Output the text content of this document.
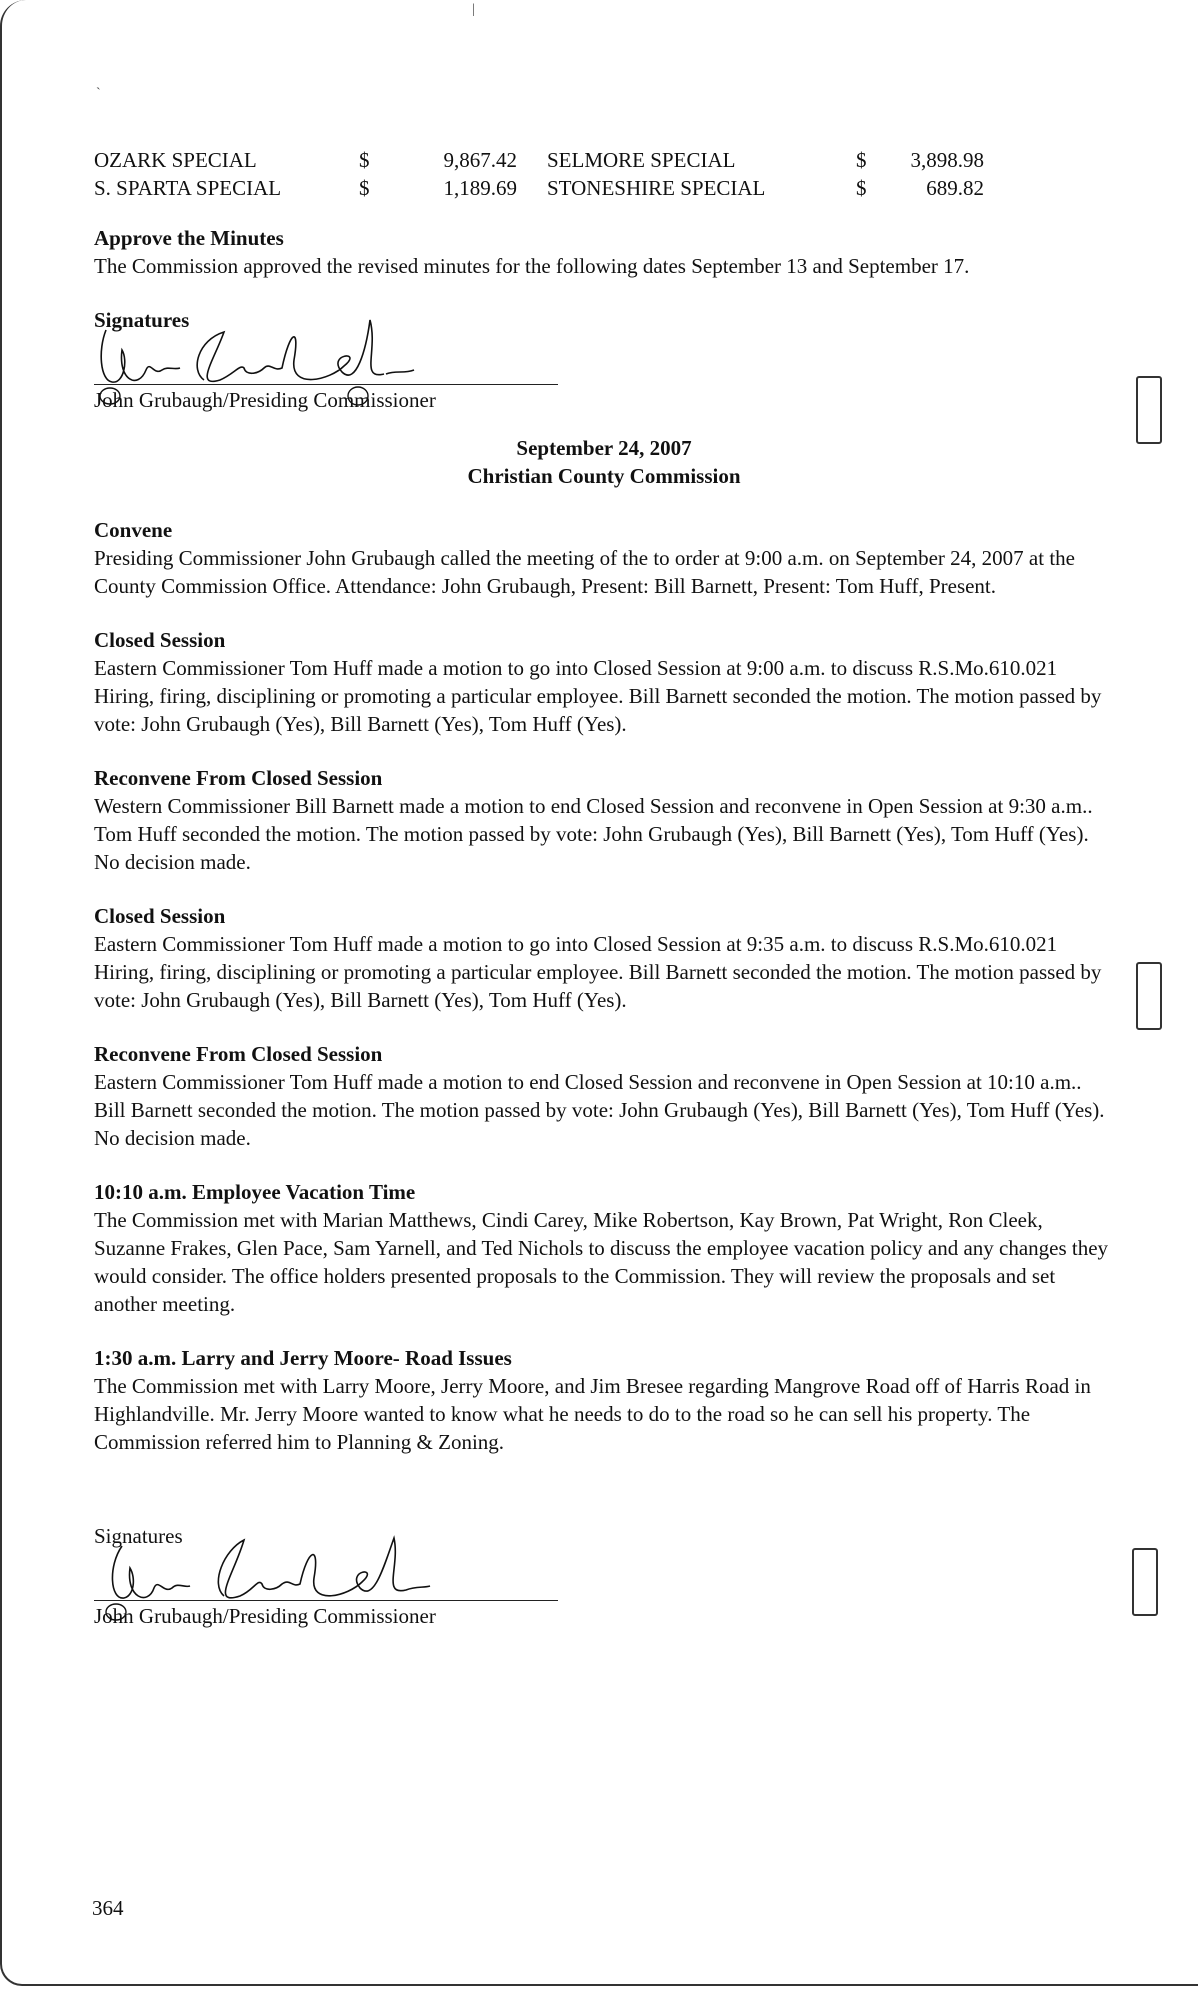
OZARK SPECIAL	$	9,867.42	SELMORE SPECIAL	$	3,898.98
S. SPARTA SPECIAL	$	1,189.69	STONESHIRE SPECIAL	$	689.82
Approve the Minutes

The Commission approved the revised minutes for the following dates September 13 and September 17.

Signatures
John Grubaugh/Presiding Commissioner
September 24, 2007
Christian County Commission
Convene

Presiding Commissioner John Grubaugh called the meeting of the to order at 9:00 a.m. on September 24, 2007 at the County Commission Office. Attendance: John Grubaugh, Present: Bill Barnett, Present: Tom Huff, Present.

Closed Session

Eastern Commissioner Tom Huff made a motion to go into Closed Session at 9:00 a.m. to discuss R.S.Mo.610.021 Hiring, firing, disciplining or promoting a particular employee. Bill Barnett seconded the motion. The motion passed by vote: John Grubaugh (Yes), Bill Barnett (Yes), Tom Huff (Yes).

Reconvene From Closed Session

Western Commissioner Bill Barnett made a motion to end Closed Session and reconvene in Open Session at 9:30 a.m.. Tom Huff seconded the motion. The motion passed by vote: John Grubaugh (Yes), Bill Barnett (Yes), Tom Huff (Yes). No decision made.

Closed Session

Eastern Commissioner Tom Huff made a motion to go into Closed Session at 9:35 a.m. to discuss R.S.Mo.610.021 Hiring, firing, disciplining or promoting a particular employee. Bill Barnett seconded the motion. The motion passed by vote: John Grubaugh (Yes), Bill Barnett (Yes), Tom Huff (Yes).

Reconvene From Closed Session

Eastern Commissioner Tom Huff made a motion to end Closed Session and reconvene in Open Session at 10:10 a.m.. Bill Barnett seconded the motion. The motion passed by vote: John Grubaugh (Yes), Bill Barnett (Yes), Tom Huff (Yes). No decision made.

10:10 a.m. Employee Vacation Time

The Commission met with Marian Matthews, Cindi Carey, Mike Robertson, Kay Brown, Pat Wright, Ron Cleek, Suzanne Frakes, Glen Pace, Sam Yarnell, and Ted Nichols to discuss the employee vacation policy and any changes they would consider. The office holders presented proposals to the Commission. They will review the proposals and set another meeting.

1:30 a.m. Larry and Jerry Moore- Road Issues

The Commission met with Larry Moore, Jerry Moore, and Jim Bresee regarding Mangrove Road off of Harris Road in Highlandville. Mr. Jerry Moore wanted to know what he needs to do to the road so he can sell his property. The Commission referred him to Planning & Zoning.

Signatures
John Grubaugh/Presiding Commissioner
|
`
364
